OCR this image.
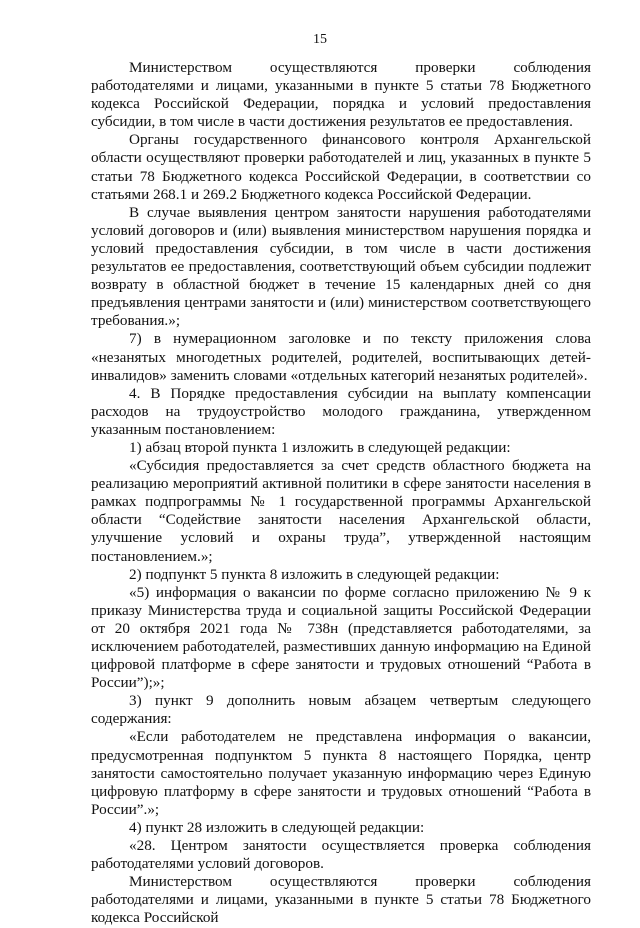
15

Министерством осуществляются проверки соблюдения работодателями и лицами, указанными в пункте 5 статьи 78 Бюджетного кодекса Российской Федерации, порядка и условий предоставления субсидии, в том числе в части достижения результатов ее предоставления.

Органы государственного финансового контроля Архангельской области осуществляют проверки работодателей и лиц, указанных в пункте 5 статьи 78 Бюджетного кодекса Российской Федерации, в соответствии со статьями 268.1 и 269.2 Бюджетного кодекса Российской Федерации.

В случае выявления центром занятости нарушения работодателями условий договоров и (или) выявления министерством нарушения порядка и условий предоставления субсидии, в том числе в части достижения результатов ее предоставления, соответствующий объем субсидии подлежит возврату в областной бюджет в течение 15 календарных дней со дня предъявления центрами занятости и (или) министерством соответствующего требования.»;

7) в нумерационном заголовке и по тексту приложения слова «незанятых многодетных родителей, родителей, воспитывающих детей-инвалидов» заменить словами «отдельных категорий незанятых родителей».

4. В Порядке предоставления субсидии на выплату компенсации расходов на трудоустройство молодого гражданина, утвержденном указанным постановлением:

1) абзац второй пункта 1 изложить в следующей редакции:

«Субсидия предоставляется за счет средств областного бюджета на реализацию мероприятий активной политики в сфере занятости населения в рамках подпрограммы № 1 государственной программы Архангельской области “Содействие занятости населения Архангельской области, улучшение условий и охраны труда”, утвержденной настоящим постановлением.»;

2) подпункт 5 пункта 8 изложить в следующей редакции:

«5) информация о вакансии по форме согласно приложению № 9 к приказу Министерства труда и социальной защиты Российской Федерации от 20 октября 2021 года № 738н (представляется работодателями, за исключением работодателей, разместивших данную информацию на Единой цифровой платформе в сфере занятости и трудовых отношений “Работа в России”);»;

3) пункт 9 дополнить новым абзацем четвертым следующего содержания:

«Если работодателем не представлена информация о вакансии, предусмотренная подпунктом 5 пункта 8 настоящего Порядка, центр занятости самостоятельно получает указанную информацию через Единую цифровую платформу в сфере занятости и трудовых отношений “Работа в России”.»;

4) пункт 28 изложить в следующей редакции:

«28. Центром занятости осуществляется проверка соблюдения работодателями условий договоров.

Министерством осуществляются проверки соблюдения работодателями и лицами, указанными в пункте 5 статьи 78 Бюджетного кодекса Российской
